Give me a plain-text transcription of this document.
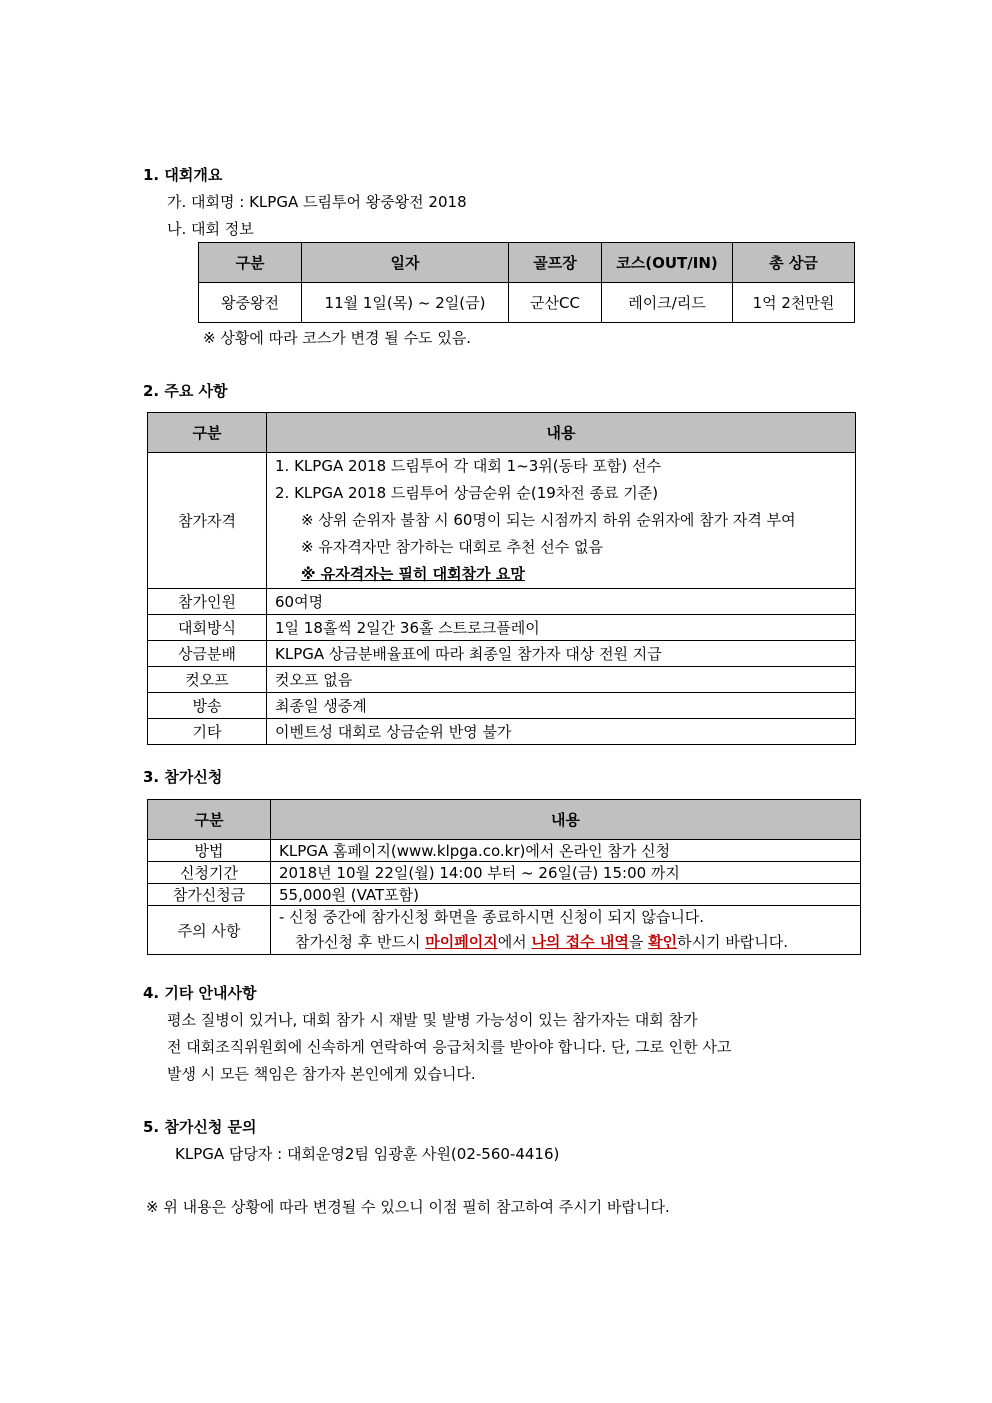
1. 대회개요
가. 대회명 : KLPGA 드림투어 왕중왕전 2018
나. 대회 정보
구분	일자	골프장	코스(OUT/IN)	총 상금
왕중왕전	11월 1일(목) ~ 2일(금)	군산CC	레이크/리드	1억 2천만원
※ 상황에 따라 코스가 변경 될 수도 있음.
2. 주요 사항
구분	내용
참가자격	1. KLPGA 2018 드림투어 각 대회 1~3위(동타 포함) 선수
2. KLPGA 2018 드림투어 상금순위 순(19차전 종료 기준)
※ 상위 순위자 불참 시 60명이 되는 시점까지 하위 순위자에 참가 자격 부여
※ 유자격자만 참가하는 대회로 추천 선수 없음
※ 유자격자는 필히 대회참가 요망

참가인원	60여명
대회방식	1일 18홀씩 2일간 36홀 스트로크플레이
상금분배	KLPGA 상금분배율표에 따라 최종일 참가자 대상 전원 지급
컷오프	컷오프 없음
방송	최종일 생중계
기타	이벤트성 대회로 상금순위 반영 불가
3. 참가신청
구분	내용
방법	KLPGA 홈페이지(www.klpga.co.kr)에서 온라인 참가 신청
신청기간	2018년 10월 22일(월) 14:00 부터 ~ 26일(금) 15:00 까지
참가신청금	55,000원 (VAT포함)
주의 사항	- 신청 중간에 참가신청 화면을 종료하시면 신청이 되지 않습니다.
참가신청 후 반드시 마이페이지에서 나의 접수 내역을 확인하시기 바랍니다.
4. 기타 안내사항
평소 질병이 있거나, 대회 참가 시 재발 및 발병 가능성이 있는 참가자는 대회 참가
전 대회조직위원회에 신속하게 연락하여 응급처치를 받아야 합니다. 단, 그로 인한 사고
발생 시 모든 책임은 참가자 본인에게 있습니다.
5. 참가신청 문의
KLPGA 담당자 : 대회운영2팀 임광훈 사원(02-560-4416)
※ 위 내용은 상황에 따라 변경될 수 있으니 이점 필히 참고하여 주시기 바랍니다.
